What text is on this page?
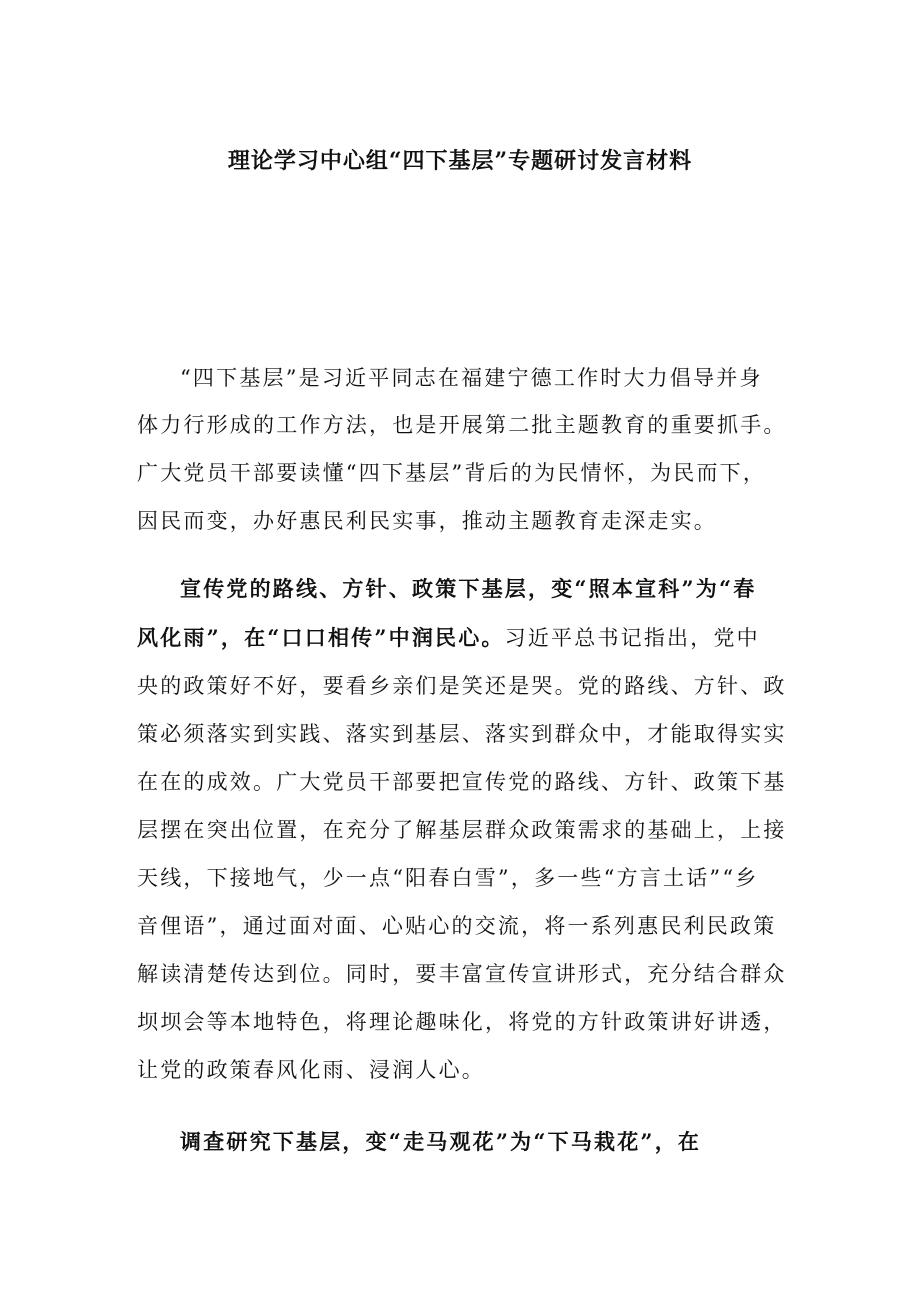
理论学习中心组“四下基层”专题研讨发言材料
“四下基层”是习近平同志在福建宁德工作时大力倡导并身
体力行形成的工作方法，也是开展第二批主题教育的重要抓手。
广大党员干部要读懂“四下基层”背后的为民情怀，为民而下，
因民而变，办好惠民利民实事，推动主题教育走深走实。
宣传党的路线、方针、政策下基层，变“照本宣科”为“春
风化雨”，在“口口相传”中润民心。习近平总书记指出，党中
央的政策好不好，要看乡亲们是笑还是哭。党的路线、方针、政
策必须落实到实践、落实到基层、落实到群众中，才能取得实实
在在的成效。广大党员干部要把宣传党的路线、方针、政策下基
层摆在突出位置，在充分了解基层群众政策需求的基础上，上接
天线，下接地气，少一点“阳春白雪”，多一些“方言土话”“乡
音俚语”，通过面对面、心贴心的交流，将一系列惠民利民政策
解读清楚传达到位。同时，要丰富宣传宣讲形式，充分结合群众
坝坝会等本地特色，将理论趣味化，将党的方针政策讲好讲透，
让党的政策春风化雨、浸润人心。
调查研究下基层，变“走马观花”为“下马栽花”，在
